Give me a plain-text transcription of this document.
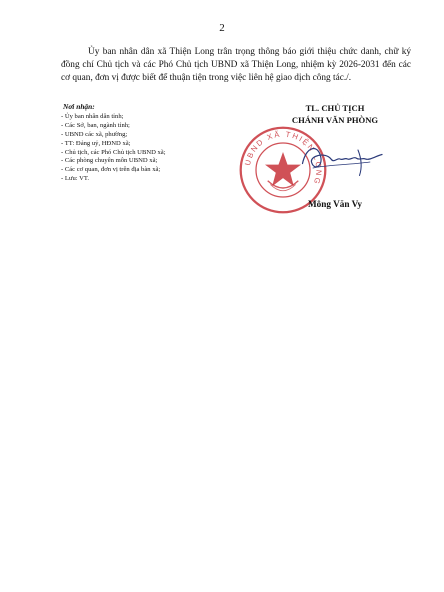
2
Ủy ban nhân dân xã Thiện Long trân trọng thông báo giới thiệu chức danh, chữ ký đồng chí Chủ tịch và các Phó Chủ tịch UBND xã Thiện Long, nhiệm kỳ 2026-2031 đến các cơ quan, đơn vị được biết để thuận tiện trong việc liên hệ giao dịch công tác./.
Nơi nhận:
- Ủy ban nhân dân tỉnh;
- Các Sở, ban, ngành tỉnh;
- UBND các xã, phường;
- TT: Đảng uỷ, HĐND xã;
- Chủ tịch, các Phó Chủ tịch UBND xã;
- Các phòng chuyên môn UBND xã;
- Các cơ quan, đơn vị trên địa bàn xã;
- Lưu: VT.
TL. CHỦ TỊCH
CHÁNH VĂN PHÒNG
UBND XÃ THIỆN LONG
Mông Văn Vy
